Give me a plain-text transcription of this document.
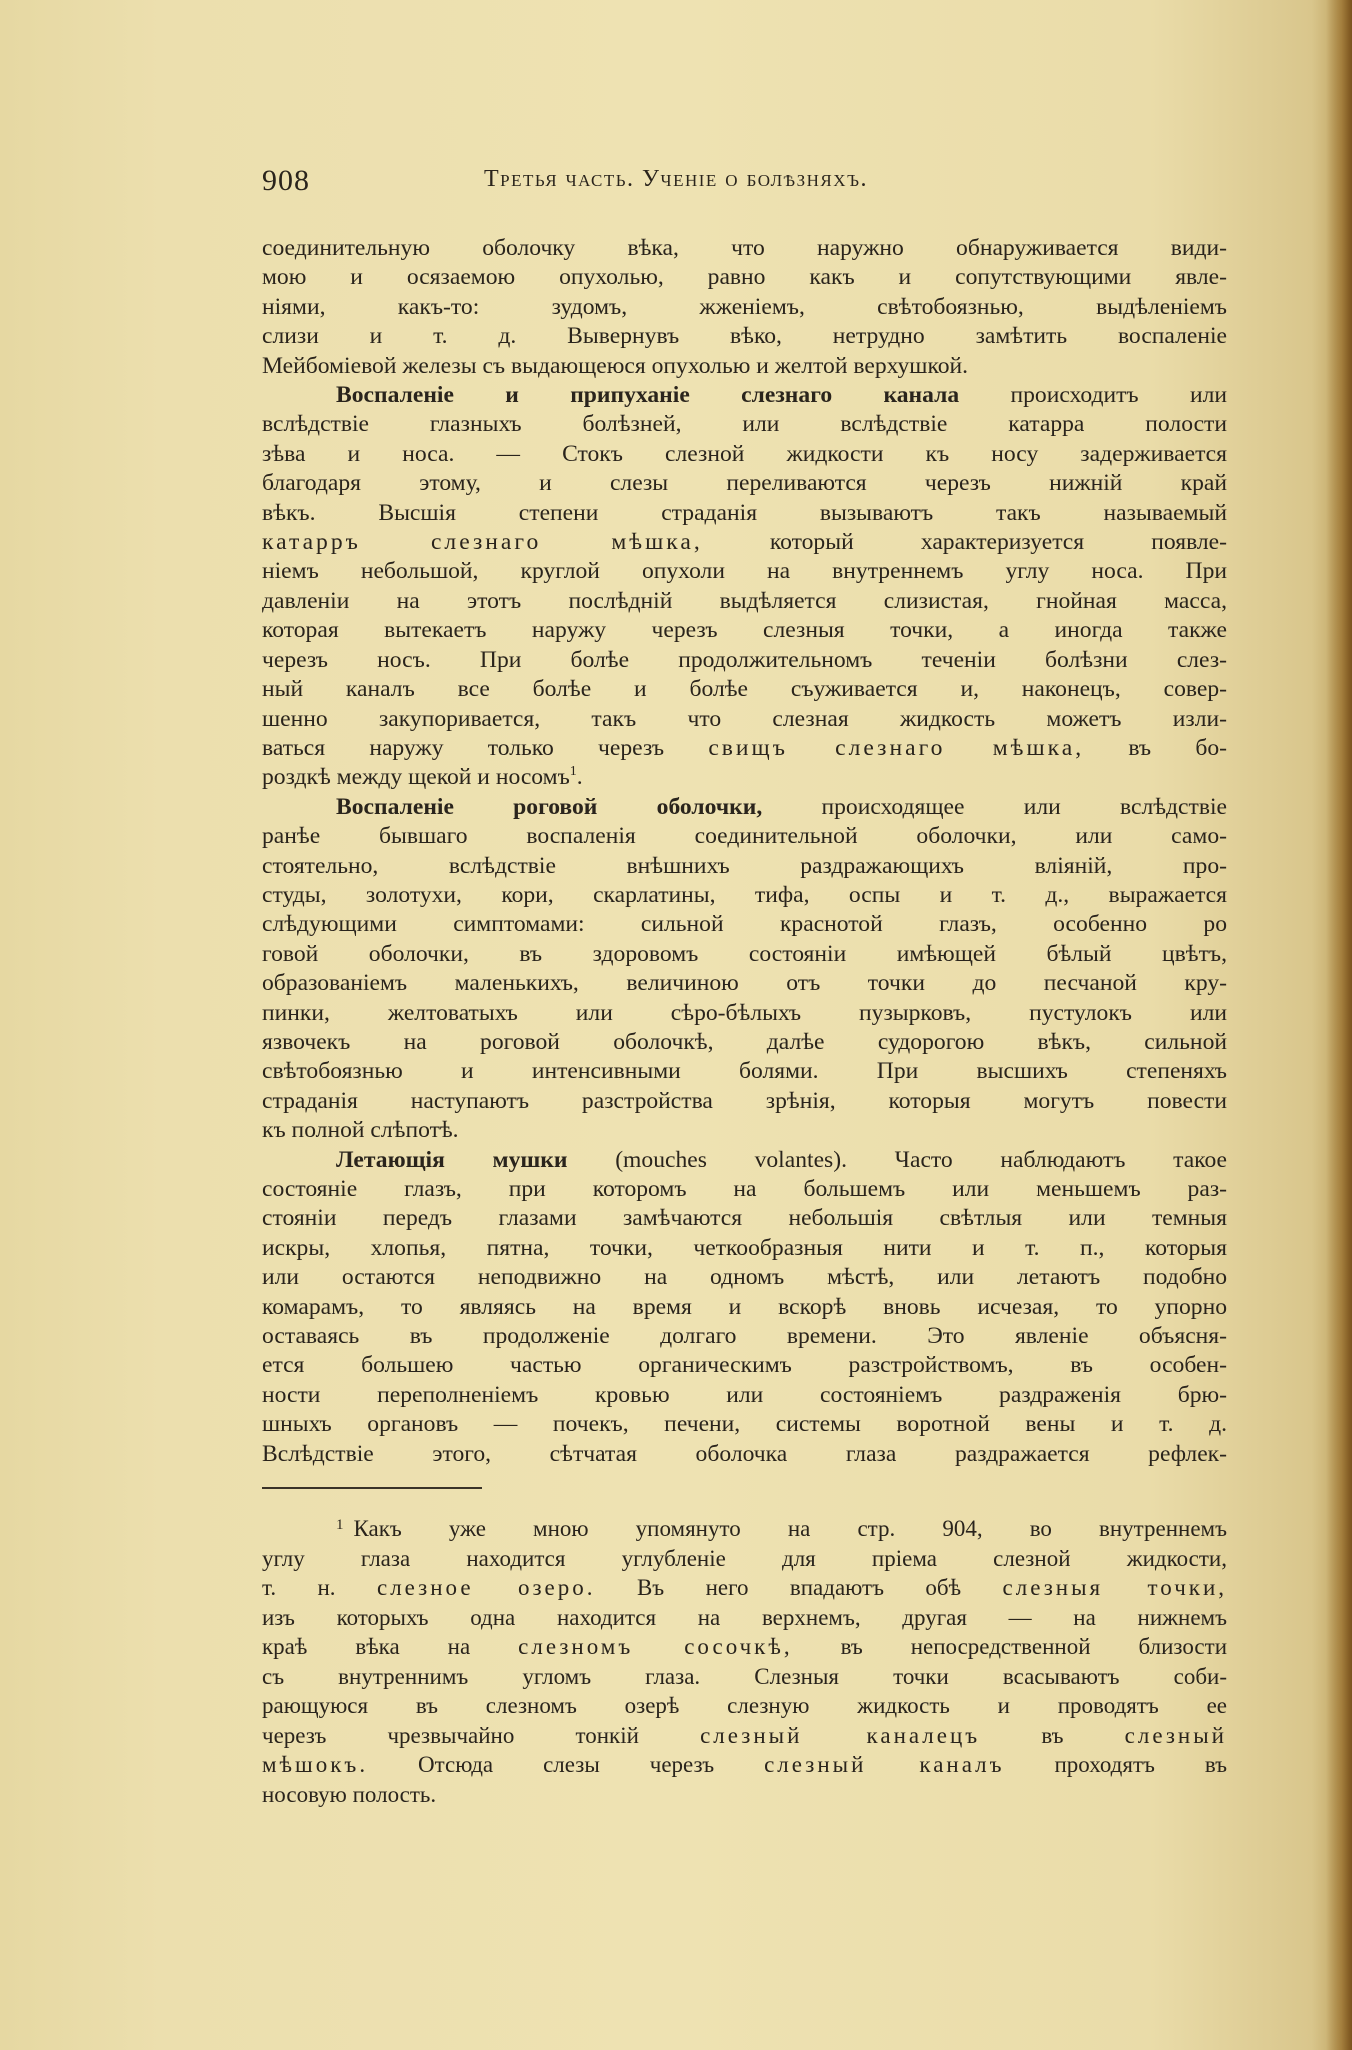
908	Третья часть. Ученіе о болѣзняхъ.

соединительную оболочку вѣка, что наружно обнаруживается види-

мою и осязаемою опухолью, равно какъ и сопутствующими явле-

ніями, какъ-то: зудомъ, жженіемъ, свѣтобоязнью, выдѣленіемъ

слизи и т. д. Вывернувъ вѣко, нетрудно замѣтить воспаленіе

Мейбоміевой железы съ выдающеюся опухолью и желтой верхушкой.

Воспаленіе и припуханіе слезнаго канала происходитъ или

вслѣдствіе глазныхъ болѣзней, или вслѣдствіе катарра полости

зѣва и носа. — Стокъ слезной жидкости къ носу задерживается

благодаря этому, и слезы переливаются черезъ нижній край

вѣкъ. Высшія степени страданія вызываютъ такъ называемый

катарръ слезнаго мѣшка,	который характеризуется появле-

ніемъ небольшой, круглой опухоли на внутреннемъ углу носа. При

давленіи на этотъ послѣдній выдѣляется слизистая, гнойная масса,

которая вытекаетъ наружу черезъ слезныя точки, а иногда также

черезъ носъ. При болѣе продолжительномъ теченіи болѣзни слез-

ный каналъ все болѣе и болѣе съуживается и, наконецъ, совер-

шенно закупоривается, такъ что слезная жидкость можетъ изли-

ваться наружу только черезъ свищъ слезнаго мѣшка, въ бо-

роздкѣ между щекой и носомъ$^1$.

Воспаленіе роговой оболочки,	происходящее или вслѣдствіе

ранѣе бывшаго воспаленія соединительной оболочки, или само-

стоятельно, вслѣдствіе внѣшнихъ раздражающихъ вліяній, про-

студы, золотухи, кори, скарлатины, тифа, оспы и т. д., выражается

слѣдующими симптомами: сильной краснотой глазъ, особенно ро

говой оболочки, въ здоровомъ состояніи имѣющей бѣлый цвѣтъ,

образованіемъ маленькихъ, величиною отъ точки до песчаной кру-

пинки, желтоватыхъ или сѣро-бѣлыхъ пузырковъ, пустулокъ или

язвочекъ на роговой оболочкѣ, далѣе судорогою вѣкъ, сильной

свѣтобоязнью и интенсивными болями. При высшихъ степеняхъ

страданія наступаютъ разстройства зрѣнія, которыя могутъ повести

къ полной слѣпотѣ.

Летающія мушки (mouches volantes). Часто наблюдаютъ такое

состояніе глазъ, при которомъ на большемъ или меньшемъ раз-

стояніи передъ глазами замѣчаются небольшія свѣтлыя или темныя

искры, хлопья, пятна, точки, четкообразныя нити и т. п., которыя

или остаются неподвижно на одномъ мѣстѣ, или летаютъ подобно

комарамъ, то являясь на время и вскорѣ вновь исчезая, то упорно

оставаясь въ продолженіе долгаго времени. Это явленіе объясня-

ется большею частью органическимъ разстройствомъ, въ особен-

ности переполненіемъ кровью или состояніемъ раздраженія брю-

шныхъ органовъ — почекъ, печени, системы воротной вены и т. д.

Вслѣдствіе этого, сѣтчатая оболочка глаза раздражается рефлек-

$^1$ Какъ уже мною упомянуто на стр. 904, во внутреннемъ

углу глаза находится углубленіе для пріема слезной жидкости,

т. н. слезное озеро. Въ него впадаютъ обѣ слезныя точки,

изъ которыхъ одна находится на верхнемъ, другая — на нижнемъ

краѣ вѣка на слезномъ сосочкѣ, въ непосредственной близости

съ внутреннимъ угломъ глаза. Слезныя точки всасываютъ соби-

рающуюся въ слезномъ озерѣ слезную жидкость и проводятъ ее

черезъ чрезвычайно тонкій	слезный каналецъ	въ	слезный

мѣшокъ. Отсюда слезы черезъ слезный каналъ проходятъ въ

носовую полость.
